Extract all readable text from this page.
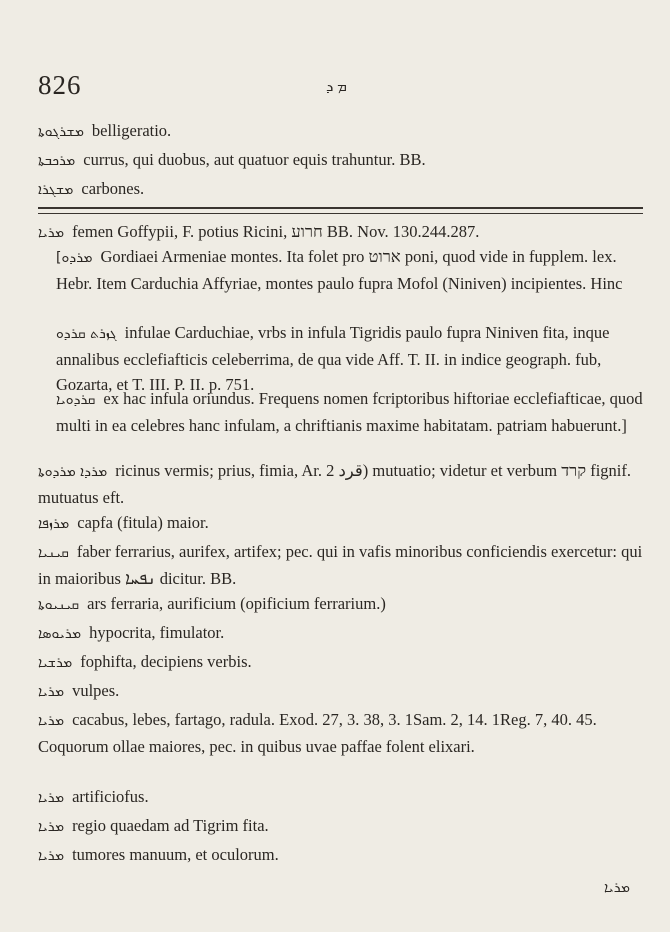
826	ܡ ܕ
ܡܫܪܓܘܬܐ belligeratio.
ܡܪܟܒܬܐ currus, qui duobus, aut quatuor equis trahuntur. BB.
ܡܫܓܪܐ carbones.
ܡܪܝܐ femen Goffypii, F. potius Ricini, חרוע BB. Nov. 130.244.287.
[ܡܪܕܘ Gordiaei Armeniae montes. Ita folet pro ארוט poni, quod vide in fupplem. lex. Hebr. Item Carduchia Affyriae, montes paulo fupra Mofol (Niniven) incipientes. Hinc
ܓܙܪܬ ܩܪܕܘ infulae Carduchiae, vrbs in infula Tigridis paulo fupra Niniven fita, inque annalibus ecclefiafticis celeberrima, de qua vide Aff. T. II. in indice geograph. fub, Gozarta, et T. III. P. II. p. 751.
ܩܪܕܘܝܐ ex hac infula oriundus. Frequens nomen fcriptoribus hiftoriae ecclefiafticae, quod multi in ea celebres hanc infulam, a chriftianis maxime habitatam. patriam habuerunt.]
ܡܪܕܐ ܡܪܕܘܬܐ ricinus vermis; prius, fimia, Ar. قرد 2) mutuatio; videtur et verbum קרד fignif. mutuatus eft.
ܡܪܙܦܐ capfa (fitula) maior.
ܩܝܢܝܐ faber ferrarius, aurifex, artifex; pec. qui in vafis minoribus conficiendis exercetur: qui in maioribus ܢܦܚܐ dicitur. BB.
ܩܝܢܝܘܬܐ ars ferraria, aurificium (opificium ferrarium.)
ܡܪܝܘܣܐ hypocrita, fimulator.
ܡܪܫܝܐ fophifta, decipiens verbis.
ܡܪܝܐ vulpes.
ܡܪܝܐ cacabus, lebes, fartago, radula. Exod. 27, 3. 38, 3. 1Sam. 2, 14. 1Reg. 7, 40. 45. Coquorum ollae maiores, pec. in quibus uvae paffae folent elixari.
ܡܪܝܐ artificiofus.
ܡܪܝܐ regio quaedam ad Tigrim fita.
ܡܪܝܐ tumores manuum, et oculorum.
ܡܪܝܐ
